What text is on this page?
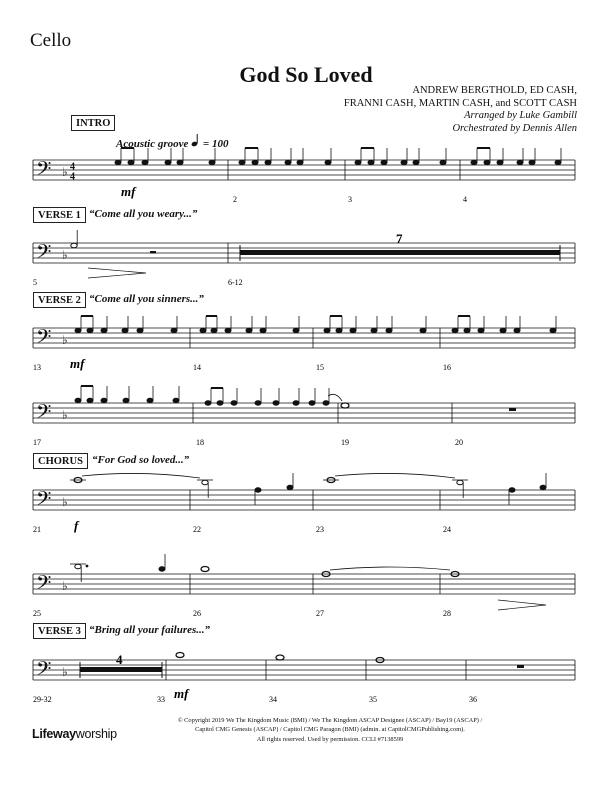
Cello
God So Loved
ANDREW BERGTHOLD, ED CASH,
FRANNI CASH, MARTIN CASH, and SCOTT CASH
Arranged by Luke Gambill
Orchestrated by Dennis Allen
INTRO
Acoustic groove = 100
VERSE 1 “Come all you weary...”
VERSE 2 “Come all you sinners...”
CHORUS “For God so loved...”
VERSE 3 “Bring all your failures...”
𝄢 ♭ 4
4
mf
2	3	4
𝄢 ♭
7
5	6-12
𝄢 ♭
mf
13	14	15	16
𝄢 ♭
17	18	19	20
𝄢 ♭
f
21	22	23	24
𝄢 ♭
25	26	27	28
𝄢 ♭
4
mf
29-32	33	34	35	36
© Copyright 2019 We The Kingdom Music (BMI) / We The Kingdom ASCAP Designee (ASCAP) / Bay19 (ASCAP) /
Capitol CMG Genesis (ASCAP) / Capitol CMG Paragon (BMI) (admin. at CapitolCMGPublishing.com).
All rights reserved. Used by permission. CCLI #7138599
Lifewayworship
